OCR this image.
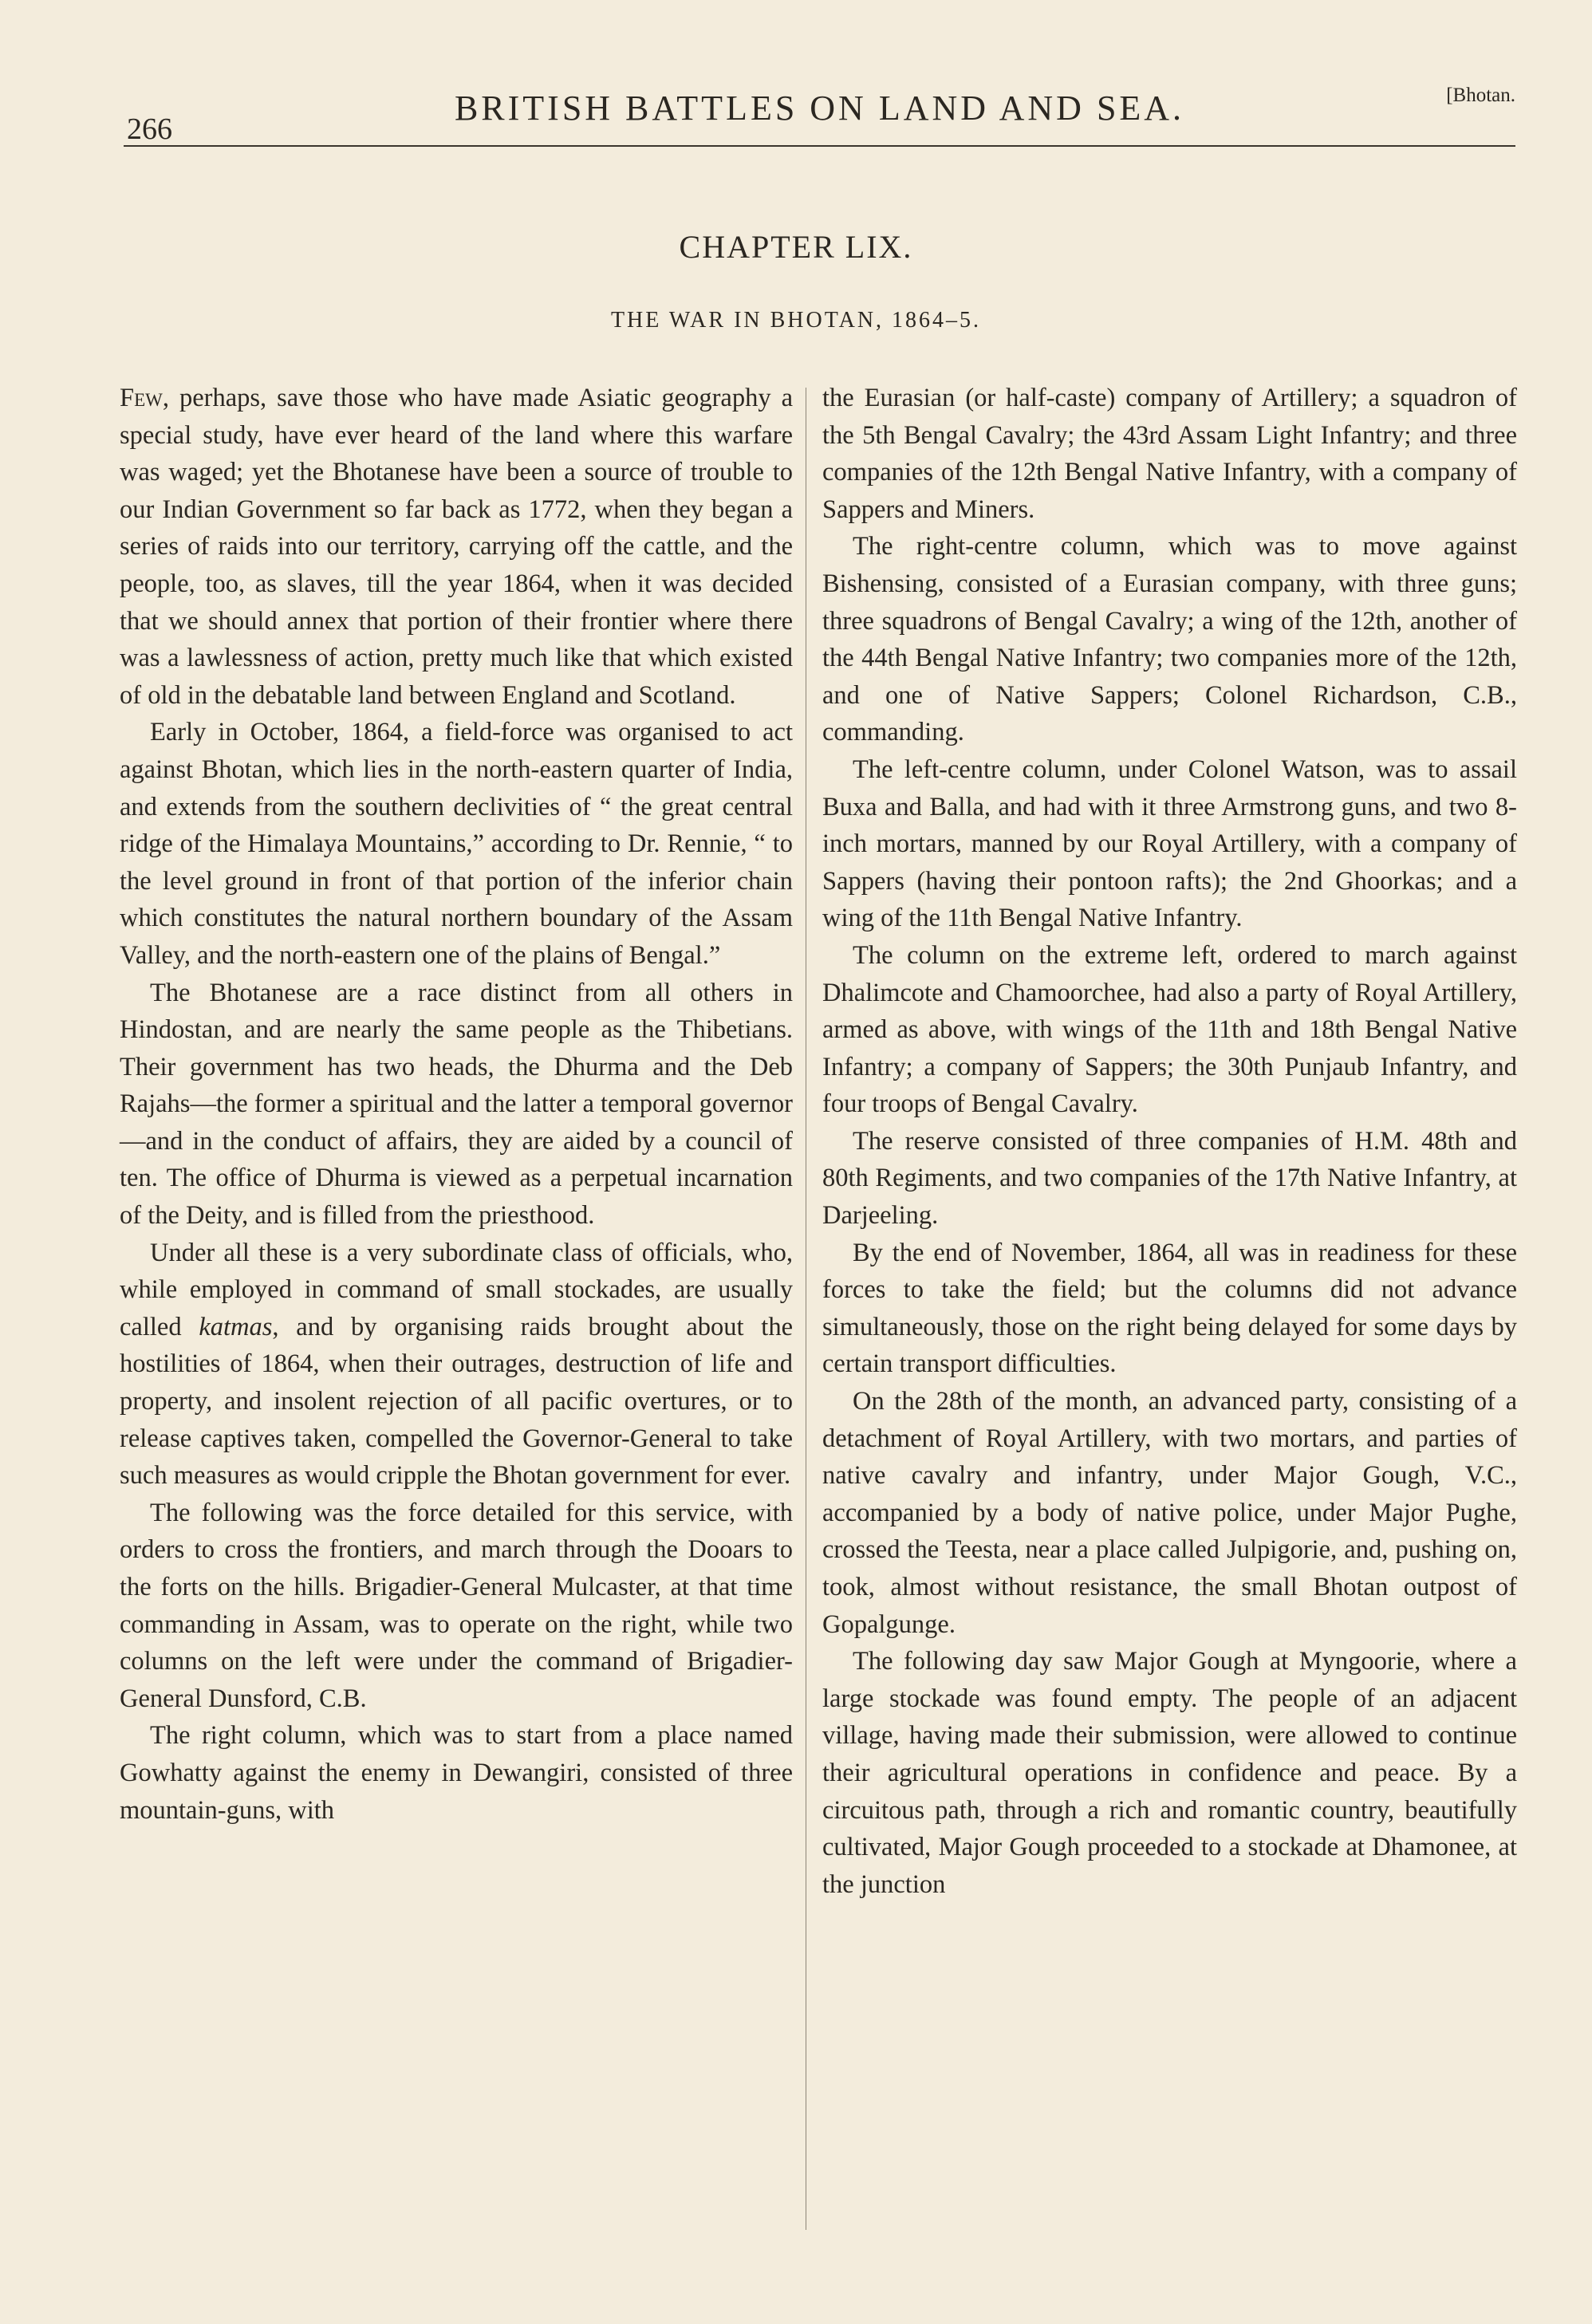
266
BRITISH BATTLES ON LAND AND SEA.	[Bhotan.
CHAPTER LIX.
THE WAR IN BHOTAN, 1864–5.

Few, perhaps, save those who have made Asiatic geography a special study, have ever heard of the land where this warfare was waged; yet the Bhotanese have been a source of trouble to our Indian Government so far back as 1772, when they began a series of raids into our territory, carrying off the cattle, and the people, too, as slaves, till the year 1864, when it was decided that we should annex that portion of their frontier where there was a lawlessness of action, pretty much like that which existed of old in the debatable land between England and Scotland.

Early in October, 1864, a field-force was organised to act against Bhotan, which lies in the north-eastern quarter of India, and extends from the southern declivities of “ the great central ridge of the Himalaya Mountains,” according to Dr. Rennie, “ to the level ground in front of that portion of the inferior chain which constitutes the natural northern boundary of the Assam Valley, and the north-eastern one of the plains of Bengal.”

The Bhotanese are a race distinct from all others in Hindostan, and are nearly the same people as the Thibetians. Their government has two heads, the Dhurma and the Deb Rajahs—the former a spiritual and the latter a temporal governor—and in the conduct of affairs, they are aided by a council of ten. The office of Dhurma is viewed as a perpetual incarnation of the Deity, and is filled from the priesthood.

Under all these is a very subordinate class of officials, who, while employed in command of small stockades, are usually called katmas, and by organising raids brought about the hostilities of 1864, when their outrages, destruction of life and property, and insolent rejection of all pacific overtures, or to release captives taken, compelled the Governor-General to take such measures as would cripple the Bhotan government for ever.

The following was the force detailed for this service, with orders to cross the frontiers, and march through the Dooars to the forts on the hills. Brigadier-General Mulcaster, at that time commanding in Assam, was to operate on the right, while two columns on the left were under the command of Brigadier-General Dunsford, C.B.

The right column, which was to start from a place named Gowhatty against the enemy in Dewangiri, consisted of three mountain-guns, with

the Eurasian (or half-caste) company of Artillery; a squadron of the 5th Bengal Cavalry; the 43rd Assam Light Infantry; and three companies of the 12th Bengal Native Infantry, with a company of Sappers and Miners.

The right-centre column, which was to move against Bishensing, consisted of a Eurasian company, with three guns; three squadrons of Bengal Cavalry; a wing of the 12th, another of the 44th Bengal Native Infantry; two companies more of the 12th, and one of Native Sappers; Colonel Richardson, C.B., commanding.

The left-centre column, under Colonel Watson, was to assail Buxa and Balla, and had with it three Armstrong guns, and two 8-inch mortars, manned by our Royal Artillery, with a company of Sappers (having their pontoon rafts); the 2nd Ghoorkas; and a wing of the 11th Bengal Native Infantry.

The column on the extreme left, ordered to march against Dhalimcote and Chamoorchee, had also a party of Royal Artillery, armed as above, with wings of the 11th and 18th Bengal Native Infantry; a company of Sappers; the 30th Punjaub Infantry, and four troops of Bengal Cavalry.

The reserve consisted of three companies of H.M. 48th and 80th Regiments, and two companies of the 17th Native Infantry, at Darjeeling.

By the end of November, 1864, all was in readiness for these forces to take the field; but the columns did not advance simultaneously, those on the right being delayed for some days by certain transport difficulties.

On the 28th of the month, an advanced party, consisting of a detachment of Royal Artillery, with two mortars, and parties of native cavalry and infantry, under Major Gough, V.C., accompanied by a body of native police, under Major Pughe, crossed the Teesta, near a place called Julpigorie, and, pushing on, took, almost without resistance, the small Bhotan outpost of Gopalgunge.

The following day saw Major Gough at Myngoorie, where a large stockade was found empty. The people of an adjacent village, having made their submission, were allowed to continue their agricultural operations in confidence and peace. By a circuitous path, through a rich and romantic country, beautifully cultivated, Major Gough proceeded to a stockade at Dhamonee, at the junction
